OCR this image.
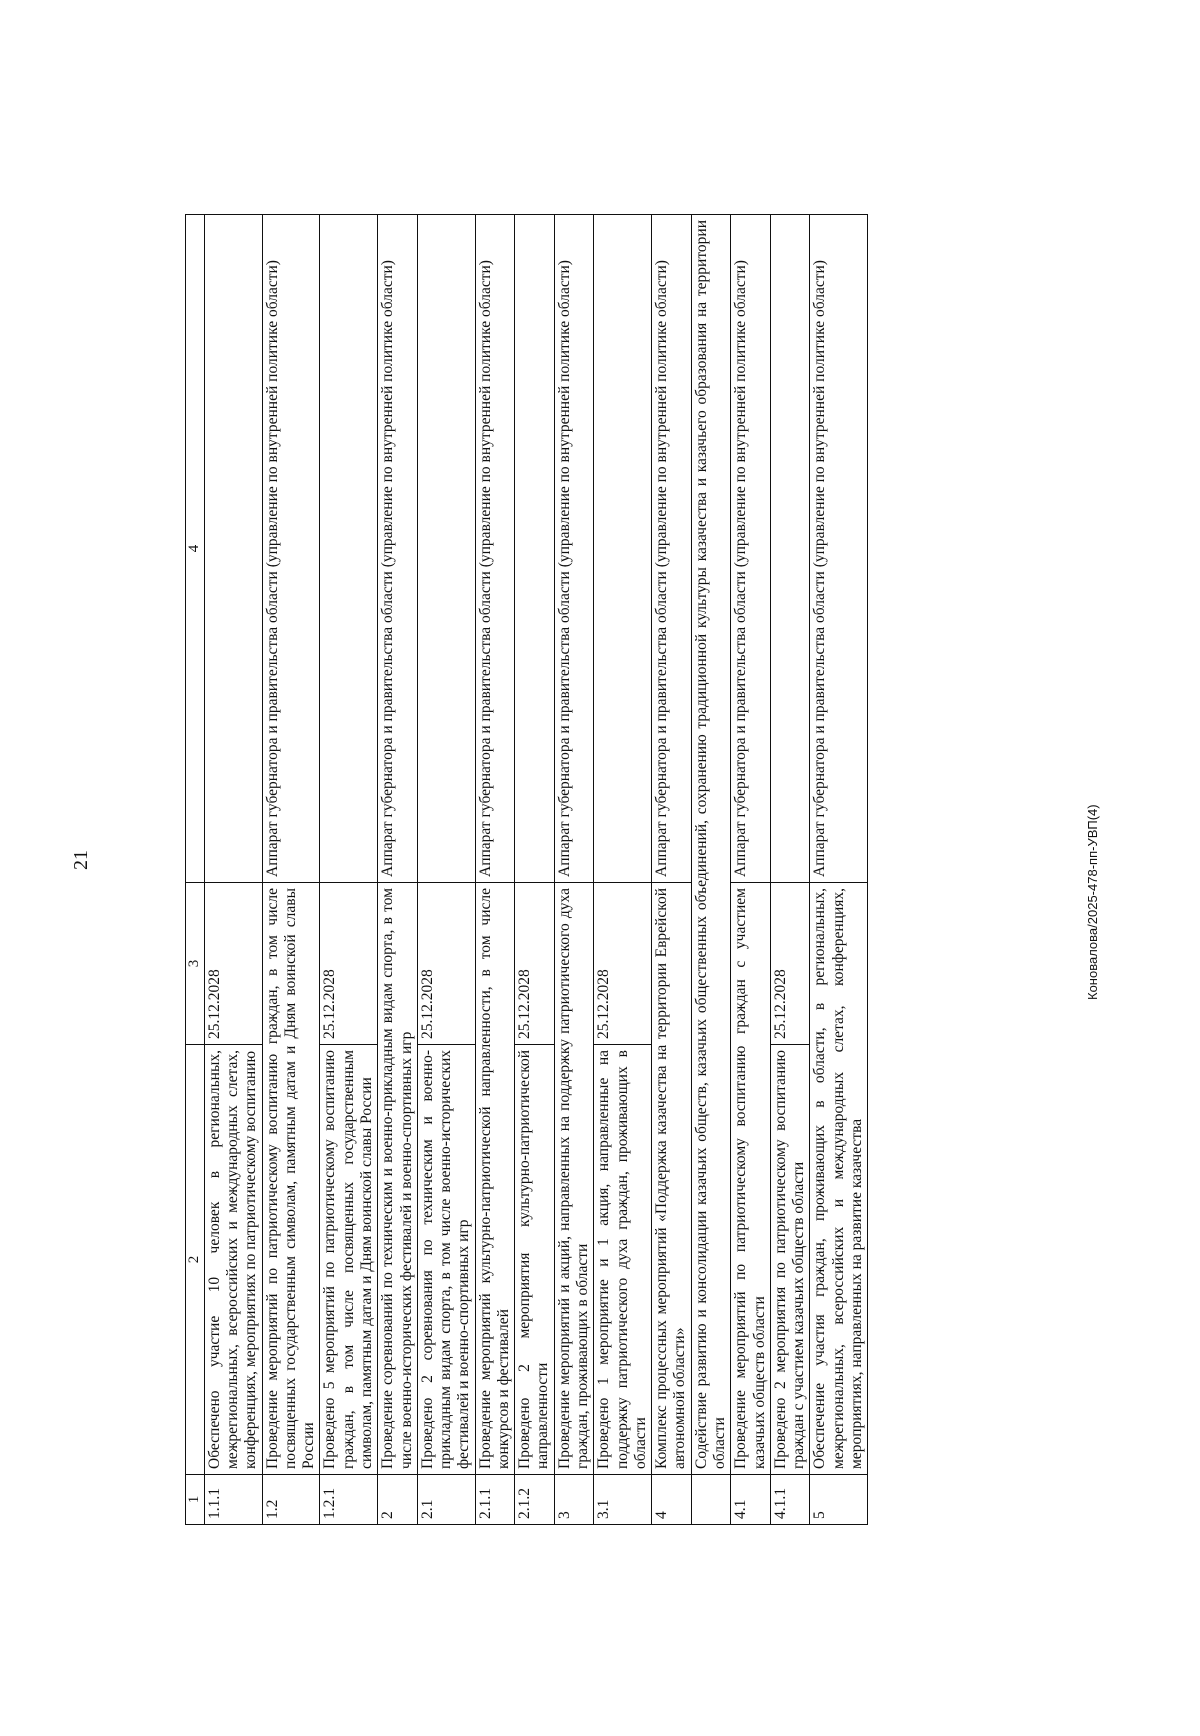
21
1	2	3	4
1.1.1	Обеспечено участие 10 человек в региональных, межрегиональных, всероссийских и международных слетах, конференциях, мероприятиях по патриотическому воспитанию	25.12.2028	
1.2	Проведение мероприятий по патриотическому воспитанию граждан, в том числе посвященных государственным символам, памятным датам и Дням воинской славы России		Аппарат губернатора и правительства области (управление по внутренней политике области)
1.2.1	Проведено 5 мероприятий по патриотическому воспитанию граждан, в том числе посвященных государственным символам, памятным датам и Дням воинской славы России	25.12.2028	
2	Проведение соревнований по техническим и военно-прикладным видам спорта, в том числе военно-исторических фестивалей и военно-спортивных игр		Аппарат губернатора и правительства области (управление по внутренней политике области)
2.1	Проведено 2 соревнования по техническим и военно-прикладным видам спорта, в том числе военно-исторических фестивалей и военно-спортивных игр	25.12.2028	
2.1.1	Проведение мероприятий культурно-патриотической направленности, в том числе конкурсов и фестивалей		Аппарат губернатора и правительства области (управление по внутренней политике области)
2.1.2	Проведено 2 мероприятия культурно-патриотической направленности	25.12.2028	
3	Проведение мероприятий и акций, направленных на поддержку патриотического духа граждан, проживающих в области		Аппарат губернатора и правительства области (управление по внутренней политике области)
3.1	Проведено 1 мероприятие и 1 акция, направленные на поддержку патриотического духа граждан, проживающих в области	25.12.2028	
4	Комплекс процессных мероприятий «Поддержка казачества на территории Еврейской автономной области»		Аппарат губернатора и правительства области (управление по внутренней политике области)
	Содействие развитию и консолидации казачьих обществ, казачьих общественных объединений, сохранению традиционной культуры казачества и казачьего образования на территории области		
4.1	Проведение мероприятий по патриотическому воспитанию граждан с участием казачьих обществ области		Аппарат губернатора и правительства области (управление по внутренней политике области)
4.1.1	Проведено 2 мероприятия по патриотическому воспитанию граждан с участием казачьих обществ области	25.12.2028	
5	Обеспечение участия граждан, проживающих в области, в региональных, межрегиональных, всероссийских и международных слетах, конференциях, мероприятиях, направленных на развитие казачества		Аппарат губернатора и правительства области (управление по внутренней политике области)
Коновалова/2025-478-пп-УВП(4)
